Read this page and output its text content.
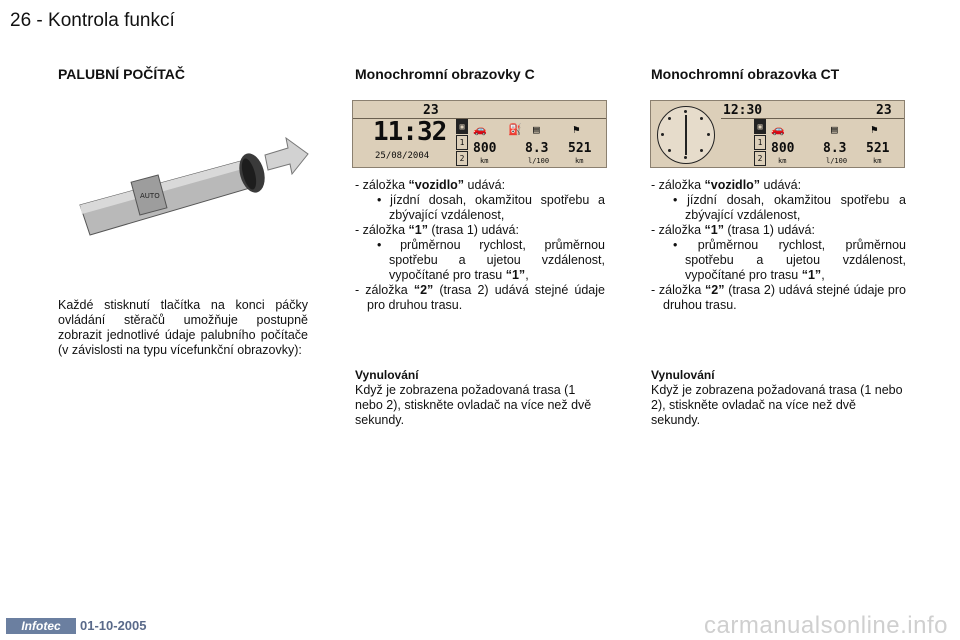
26 - Kontrola funkcí
PALUBNÍ POČÍTAČ
AUTO
Každé stisknutí tlačítka na konci páčky ovládání stěračů umožňuje postupně zobrazit jednotlivé údaje palubního počítače (v závislosti na typu vícefunkční obrazovky):
Monochromní obrazovky C
23
11:32
25/08/2004
▣
1
2
🚗 ⛽ ▤	⚑
800 8.3 521
km	l/100	km

- záložka “vozidlo” udává:

• jízdní dosah, okamžitou spotřebu a zbývající vzdálenost,

- záložka “1” (trasa 1) udává:

• průměrnou rychlost, průměrnou spotřebu a ujetou vzdálenost, vypočítané pro trasu “1”,

- záložka “2” (trasa 2) udává stejné údaje pro druhou trasu.

Vynulování

Když je zobrazena požadovaná trasa (1 nebo 2), stiskněte ovladač na více než dvě sekundy.

Monochromní obrazovka CT
12:30	23
▣
1
2
🚗	▤	⚑
800 8.3 521
km	l/100	km

- záložka “vozidlo” udává:

• jízdní dosah, okamžitou spotřebu a zbývající vzdálenost,

- záložka “1” (trasa 1) udává:

• průměrnou rychlost, průměrnou spotřebu a ujetou vzdálenost, vypočítané pro trasu “1”,

- záložka “2” (trasa 2) udává stejné údaje pro druhou trasu.

Vynulování

Když je zobrazena požadovaná trasa (1 nebo 2), stiskněte ovladač na více než dvě sekundy.

Infotec	01-10-2005	carmanualsonline.info
